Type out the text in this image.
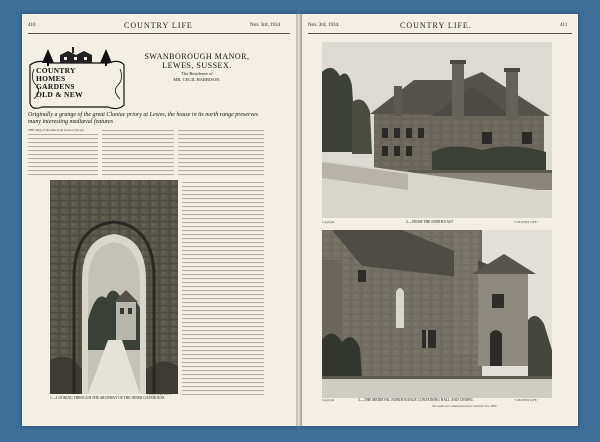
410	COUNTRY LIFE	Nov. 3rd, 1934
COUNTRY
HOMES
GARDENS
OLD & NEW
SWANBOROUGH MANOR,
LEWES, SUSSEX.
The Residence of
MR. CECIL HARRISON.
Originally a grange of the great Cluniac priory at Lewes, the house in its north range preserves many interesting mediæval features
THE valley of the Ouse from Lewes to the sea
1.—LOOKING THROUGH THE ARCHWAY OF THE INNER GATEHOUSE
"COUNTRY LIFE."
Nov. 3rd, 1934.	COUNTRY LIFE.	411
Copyright	2.—FROM THE NORTH EAST	"COUNTRY LIFE."
Copyright	3.—THE MEDIEVAL NORTH RANGE CONTAINING HALL AND CHAPEL	"COUNTRY LIFE."
The walls were raised and a floor inserted circa 1800
